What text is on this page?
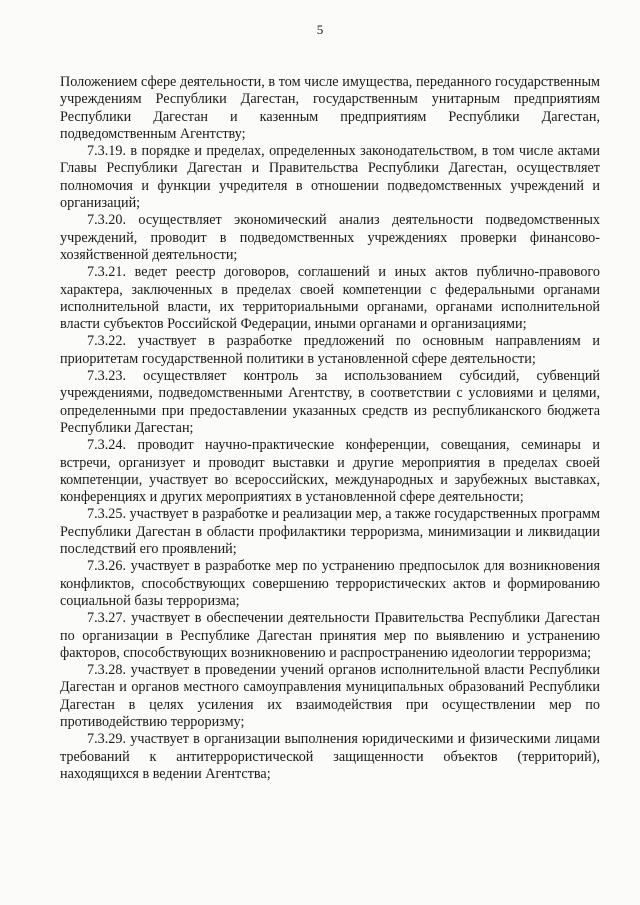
5

Положением сфере деятельности, в том числе имущества, переданного государственным учреждениям Республики Дагестан, государственным унитарным предприятиям Республики Дагестан и казенным предприятиям Республики Дагестан, подведомственным Агентству;

7.3.19. в порядке и пределах, определенных законодательством, в том числе актами Главы Республики Дагестан и Правительства Республики Дагестан, осуществляет полномочия и функции учредителя в отношении подведомственных учреждений и организаций;

7.3.20. осуществляет экономический анализ деятельности подведомственных учреждений, проводит в подведомственных учреждениях проверки финансово-хозяйственной деятельности;

7.3.21. ведет реестр договоров, соглашений и иных актов публично-правового характера, заключенных в пределах своей компетенции с федеральными органами исполнительной власти, их территориальными органами, органами исполнительной власти субъектов Российской Федерации, иными органами и организациями;

7.3.22. участвует в разработке предложений по основным направлениям и приоритетам государственной политики в установленной сфере деятельности;

7.3.23. осуществляет контроль за использованием субсидий, субвенций учреждениями, подведомственными Агентству, в соответствии с условиями и целями, определенными при предоставлении указанных средств из республиканского бюджета Республики Дагестан;

7.3.24. проводит научно-практические конференции, совещания, семинары и встречи, организует и проводит выставки и другие мероприятия в пределах своей компетенции, участвует во всероссийских, международных и зарубежных выставках, конференциях и других мероприятиях в установленной сфере деятельности;

7.3.25. участвует в разработке и реализации мер, а также государственных программ Республики Дагестан в области профилактики терроризма, минимизации и ликвидации последствий его проявлений;

7.3.26. участвует в разработке мер по устранению предпосылок для возникновения конфликтов, способствующих совершению террористических актов и формированию социальной базы терроризма;

7.3.27. участвует в обеспечении деятельности Правительства Республики Дагестан по организации в Республике Дагестан принятия мер по выявлению и устранению факторов, способствующих возникновению и распространению идеологии терроризма;

7.3.28. участвует в проведении учений органов исполнительной власти Республики Дагестан и органов местного самоуправления муниципальных образований Республики Дагестан в целях усиления их взаимодействия при осуществлении мер по противодействию терроризму;

7.3.29. участвует в организации выполнения юридическими и физическими лицами требований к антитеррористической защищенности объектов (территорий), находящихся в ведении Агентства;
